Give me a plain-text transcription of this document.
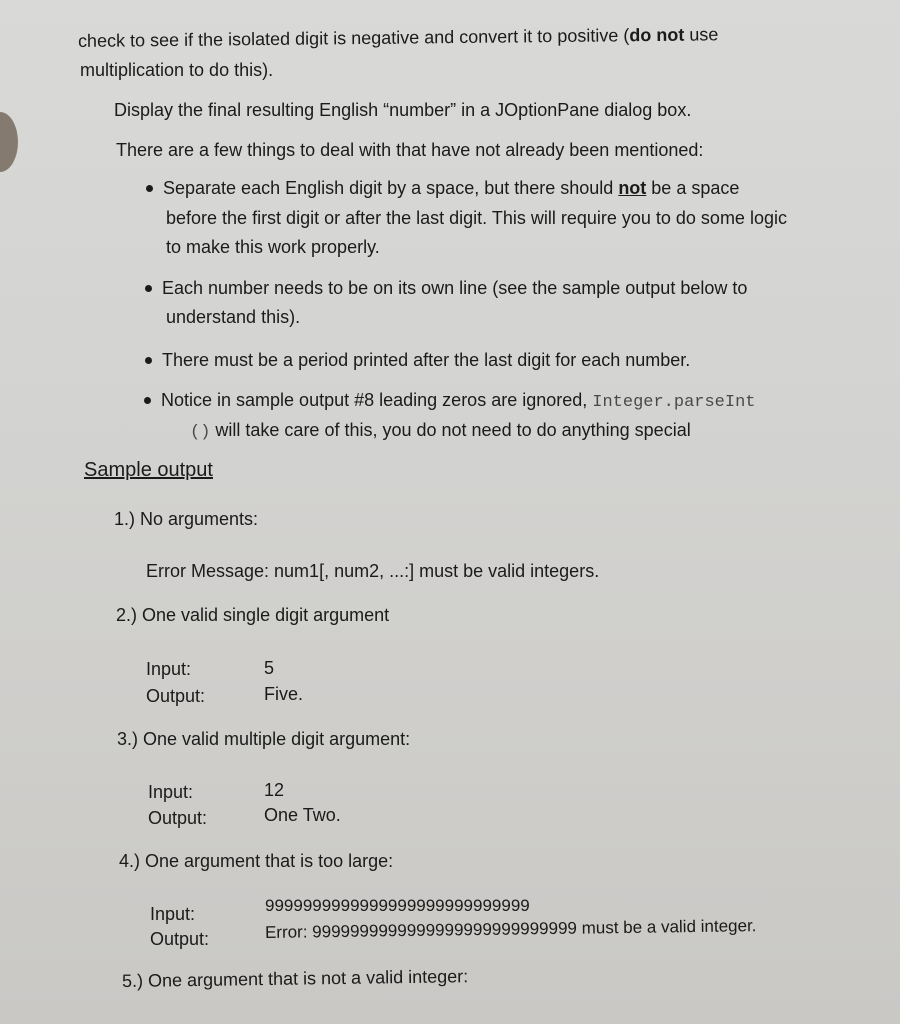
check to see if the isolated digit is negative and convert it to positive (do not use
multiplication to do this).
Display the final resulting English “number” in a JOptionPane dialog box.
There are a few things to deal with that have not already been mentioned:
Separate each English digit by a space, but there should not be a space
before the first digit or after the last digit. This will require you to do some logic
to make this work properly.
Each number needs to be on its own line (see the sample output below to
understand this).
There must be a period printed after the last digit for each number.
Notice in sample output #8 leading zeros are ignored, Integer.parseInt
() will take care of this, you do not need to do anything special
Sample output
1.) No arguments:
Error Message: num1[, num2, ...:] must be valid integers.
2.) One valid single digit argument
Input:	5
Output:	Five.
3.) One valid multiple digit argument:
Input:	12
Output:	One Two.
4.) One argument that is too large:
Input:	9999999999999999999999999999
Output:	Error: 9999999999999999999999999999 must be a valid integer.
5.) One argument that is not a valid integer:
